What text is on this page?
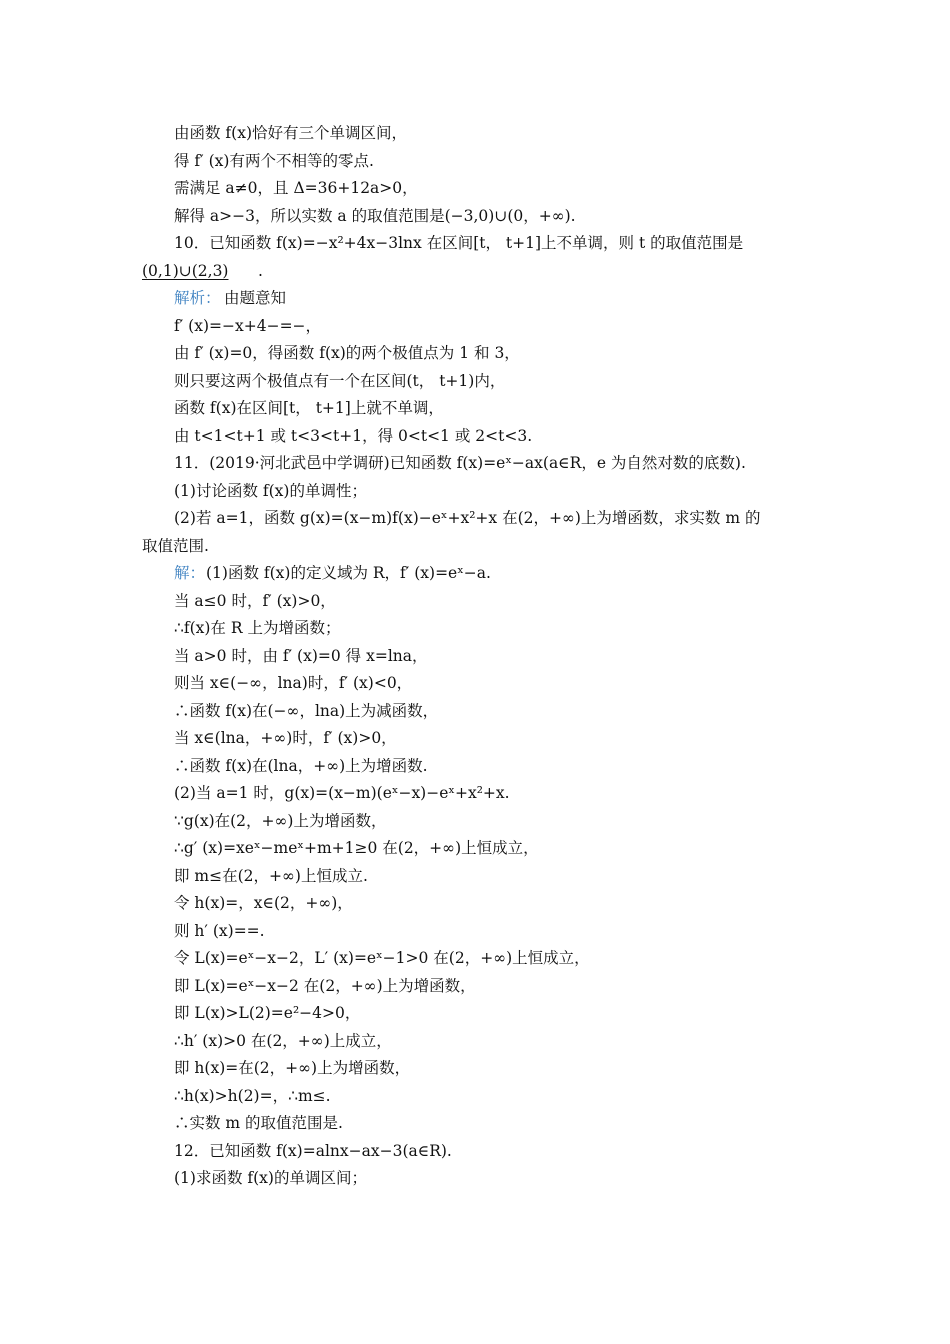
由函数 f(x)恰好有三个单调区间，
得 f′ (x)有两个不相等的零点.
需满足 a≠0，且 Δ=36+12a>0，
解得 a>−3，所以实数 a 的取值范围是(−3,0)∪(0，+∞).
10．已知函数 f(x)=−x²+4x−3lnx 在区间[t， t+1]上不单调，则 t 的取值范围是
(0,1)∪(2,3) .
解析： 由题意知
f′ (x)=−x+4−=−，
由 f′ (x)=0，得函数 f(x)的两个极值点为 1 和 3，
则只要这两个极值点有一个在区间(t， t+1)内，
函数 f(x)在区间[t， t+1]上就不单调，
由 t<1<t+1 或 t<3<t+1，得 0<t<1 或 2<t<3.
11．(2019·河北武邑中学调研)已知函数 f(x)=eˣ−ax(a∈R，e 为自然对数的底数).
(1)讨论函数 f(x)的单调性；
(2)若 a=1，函数 g(x)=(x−m)f(x)−eˣ+x²+x 在(2，+∞)上为增函数，求实数 m 的
取值范围.
解： (1)函数 f(x)的定义域为 R，f′ (x)=eˣ−a.
当 a≤0 时，f′ (x)>0，
∴f(x)在 R 上为增函数；
当 a>0 时，由 f′ (x)=0 得 x=lna，
则当 x∈(−∞，lna)时，f′ (x)<0，
∴函数 f(x)在(−∞，lna)上为减函数，
当 x∈(lna，+∞)时，f′ (x)>0，
∴函数 f(x)在(lna，+∞)上为增函数.
(2)当 a=1 时，g(x)=(x−m)(eˣ−x)−eˣ+x²+x.
∵g(x)在(2，+∞)上为增函数，
∴g′ (x)=xeˣ−meˣ+m+1≥0 在(2，+∞)上恒成立，
即 m≤在(2，+∞)上恒成立.
令 h(x)=，x∈(2，+∞)，
则 h′ (x)==.
令 L(x)=eˣ−x−2，L′ (x)=eˣ−1>0 在(2，+∞)上恒成立，
即 L(x)=eˣ−x−2 在(2，+∞)上为增函数，
即 L(x)>L(2)=e²−4>0，
∴h′ (x)>0 在(2，+∞)上成立，
即 h(x)=在(2，+∞)上为增函数，
∴h(x)>h(2)=，∴m≤.
∴实数 m 的取值范围是.
12．已知函数 f(x)=alnx−ax−3(a∈R).
(1)求函数 f(x)的单调区间；
